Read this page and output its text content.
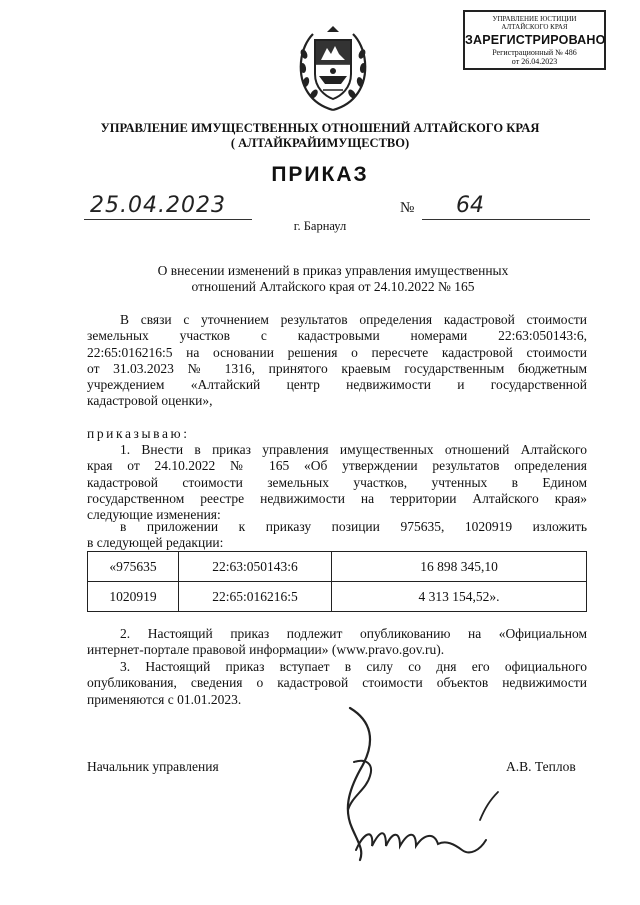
УПРАВЛЕНИЕ ЮСТИЦИИ
АЛТАЙСКОГО КРАЯ
ЗАРЕГИСТРИРОВАНО
Регистрационный № 486
от 26.04.2023
УПРАВЛЕНИЕ ИМУЩЕСТВЕННЫХ ОТНОШЕНИЙ АЛТАЙСКОГО КРАЯ
( АЛТАЙКРАЙИМУЩЕСТВО)
ПРИКАЗ
25.04.2023	№	64
г. Барнаул
О внесении изменений в приказ управления имущественных
отношений Алтайского края от 24.10.2022 № 165
В связи с уточнением результатов определения кадастровой стоимости
земельных участков с кадастровыми номерами 22:63:050143:6,
22:65:016216:5 на основании решения о пересчете кадастровой стоимости
от 31.03.2023 № 1316, принятого краевым государственным бюджетным
учреждением «Алтайский центр недвижимости и государственной
кадастровой оценки»,
приказываю:
1. Внести в приказ управления имущественных отношений Алтайского
края от 24.10.2022 № 165 «Об утверждении результатов определения
кадастровой стоимости земельных участков, учтенных в Едином
государственном реестре недвижимости на территории Алтайского края»
следующие изменения:
в приложении к приказу позиции 975635, 1020919 изложить
в следующей редакции:
«975635	22:63:050143:6	16 898 345,10
1020919	22:65:016216:5	4 313 154,52».
2. Настоящий приказ подлежит опубликованию на «Официальном
интернет-портале правовой информации» (www.pravo.gov.ru).
3. Настоящий приказ вступает в силу со дня его официального
опубликования, сведения о кадастровой стоимости объектов недвижимости
применяются с 01.01.2023.
Начальник управления	А.В. Теплов
